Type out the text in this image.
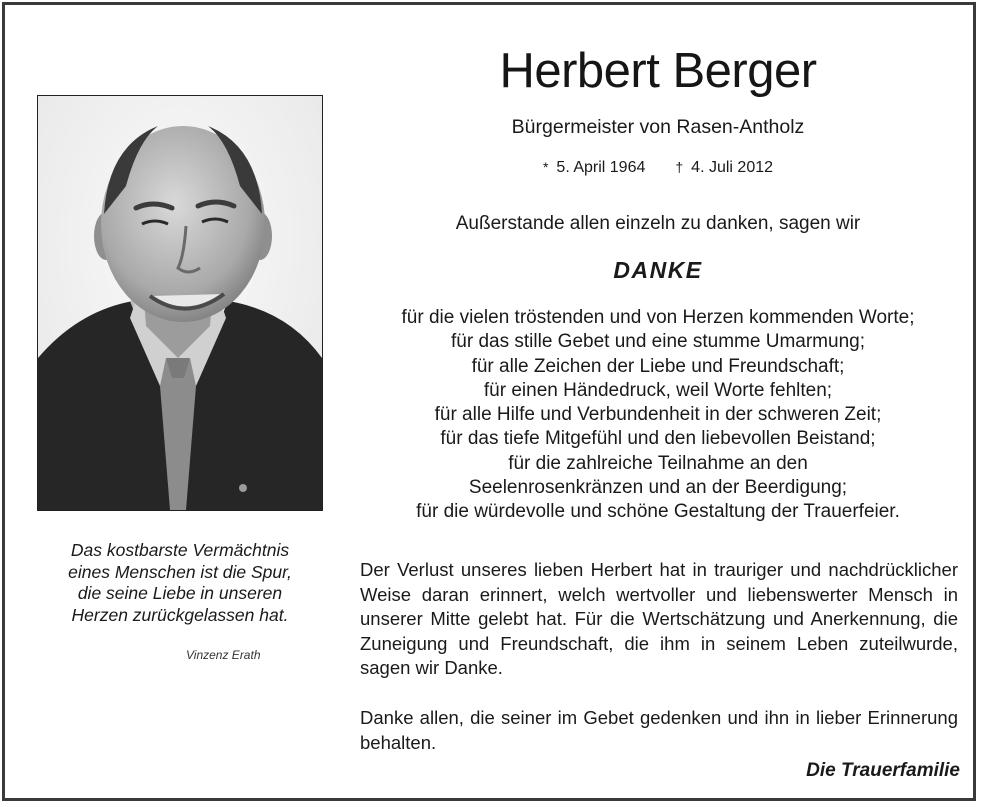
Das kostbarste Vermächtnis
eines Menschen ist die Spur,
die seine Liebe in unseren
Herzen zurückgelassen hat.
Vinzenz Erath
Herbert Berger
Bürgermeister von Rasen-Antholz
* 5. April 1964 † 4. Juli 2012
Außerstande allen einzeln zu danken, sagen wir
DANKE
für die vielen tröstenden und von Herzen kommenden Worte;
für das stille Gebet und eine stumme Umarmung;
für alle Zeichen der Liebe und Freundschaft;
für einen Händedruck, weil Worte fehlten;
für alle Hilfe und Verbundenheit in der schweren Zeit;
für das tiefe Mitgefühl und den liebevollen Beistand;
für die zahlreiche Teilnahme an den
Seelenrosenkränzen und an der Beerdigung;
für die würdevolle und schöne Gestaltung der Trauerfeier.

Der Verlust unseres lieben Herbert hat in trauriger und nachdrücklicher Weise daran erinnert, welch wertvoller und liebenswerter Mensch in unserer Mitte gelebt hat. Für die Wertschätzung und Anerkennung, die Zuneigung und Freundschaft, die ihm in seinem Leben zuteilwurde, sagen wir Danke.

Danke allen, die seiner im Gebet gedenken und ihn in lieber Erinnerung behalten.

Die Trauerfamilie
